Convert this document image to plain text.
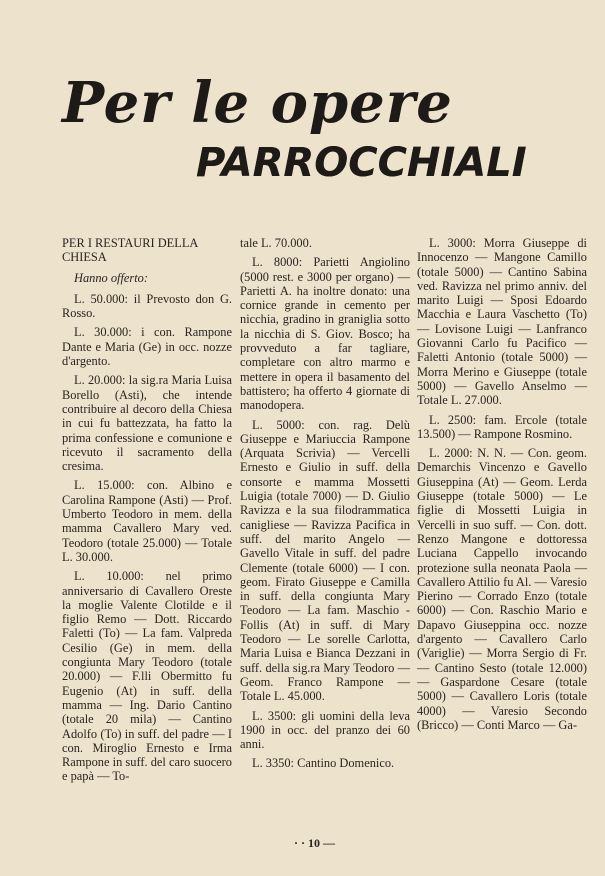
Per le opere
PARROCCHIALI

PER I RESTAURI DELLA CHIESA

Hanno offerto:

L. 50.000: il Prevosto don G. Rosso.

L. 30.000: i con. Rampone Dante e Maria (Ge) in occ. nozze d'argento.

L. 20.000: la sig.ra Maria Luisa Borello (Asti), che intende contribuire al decoro della Chiesa in cui fu battezzata, ha fatto la prima confessione e comunione e ricevuto il sacramento della cresima.

L. 15.000: con. Albino e Carolina Rampone (Asti) — Prof. Umberto Teodoro in mem. della mamma Cavallero Mary ved. Teodoro (totale 25.000) — Totale L. 30.000.

L. 10.000: nel primo anniversario di Cavallero Oreste la moglie Valente Clotilde e il figlio Remo — Dott. Riccardo Faletti (To) — La fam. Valpreda Cesilio (Ge) in mem. della congiunta Mary Teodoro (totale 20.000) — F.lli Obermitto fu Eugenio (At) in suff. della mamma — Ing. Dario Cantino (totale 20 mila) — Cantino Adolfo (To) in suff. del padre — I con. Miroglio Ernesto e Irma Rampone in suff. del caro suocero e papà — To-

tale L. 70.000.

L. 8000: Parietti Angiolino (5000 rest. e 3000 per organo) — Parietti A. ha inoltre donato: una cornice grande in cemento per nicchia, gradino in graniglia sotto la nicchia di S. Giov. Bosco; ha provveduto a far tagliare, completare con altro marmo e mettere in opera il basamento del battistero; ha offerto 4 giornate di manodopera.

L. 5000: con. rag. Delù Giuseppe e Mariuccia Rampone (Arquata Scrivia) — Vercelli Ernesto e Giulio in suff. della consorte e mamma Mossetti Luigia (totale 7000) — D. Giulio Ravizza e la sua filodrammatica canigliese — Ravizza Pacifica in suff. del marito Angelo — Gavello Vitale in suff. del padre Clemente (totale 6000) — I con. geom. Firato Giuseppe e Camilla in suff. della congiunta Mary Teodoro — La fam. Maschio - Follis (At) in suff. di Mary Teodoro — Le sorelle Carlotta, Maria Luisa e Bianca Dezzani in suff. della sig.ra Mary Teodoro — Geom. Franco Rampone — Totale L. 45.000.

L. 3500: gli uomini della leva 1900 in occ. del pranzo dei 60 anni.

L. 3350: Cantino Domenico.

L. 3000: Morra Giuseppe di Innocenzo — Mangone Camillo (totale 5000) — Cantino Sabina ved. Ravizza nel primo anniv. del marito Luigi — Sposi Edoardo Macchia e Laura Vaschetto (To) — Lovisone Luigi — Lanfranco Giovanni Carlo fu Pacifico — Faletti Antonio (totale 5000) — Morra Merino e Giuseppe (totale 5000) — Gavello Anselmo — Totale L. 27.000.

L. 2500: fam. Ercole (totale 13.500) — Rampone Rosmino.

L. 2000: N. N. — Con. geom. Demarchis Vincenzo e Gavello Giuseppina (At) — Geom. Lerda Giuseppe (totale 5000) — Le figlie di Mossetti Luigia in Vercelli in suo suff. — Con. dott. Renzo Mangone e dottoressa Luciana Cappello invocando protezione sulla neonata Paola — Cavallero Attilio fu Al. — Varesio Pierino — Corrado Enzo (totale 6000) — Con. Raschio Mario e Dapavo Giuseppina occ. nozze d'argento — Cavallero Carlo (Variglie) — Morra Sergio di Fr. — Cantino Sesto (totale 12.000) — Gaspardone Cesare (totale 5000) — Cavallero Loris (totale 4000) — Varesio Secondo (Bricco) — Conti Marco — Ga-

· · 10 —
